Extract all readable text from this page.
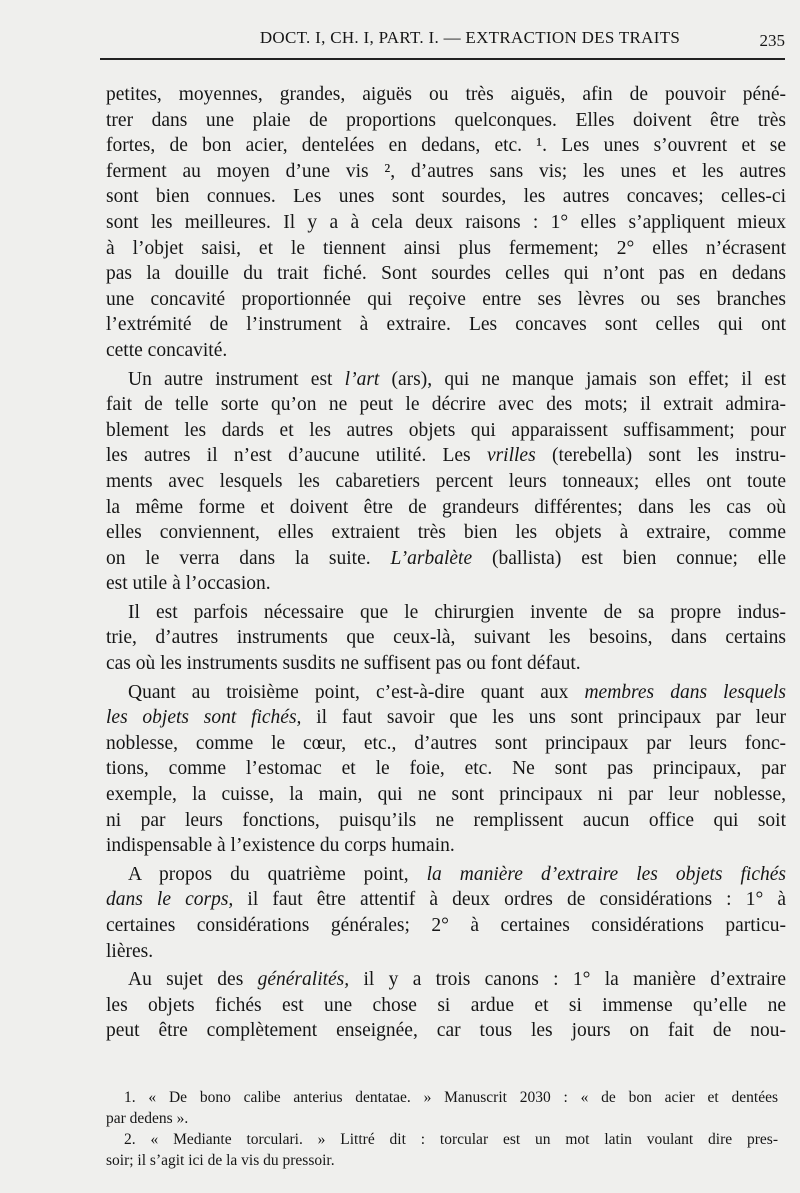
DOCT. I, CH. I, PART. I. — EXTRACTION DES TRAITS	235
petites, moyennes, grandes, aiguës ou très aiguës, afin de pouvoir péné-
trer dans une plaie de proportions quelconques. Elles doivent être très
fortes, de bon acier, dentelées en dedans, etc. ¹. Les unes s’ouvrent et se
ferment au moyen d’une vis ², d’autres sans vis; les unes et les autres
sont bien connues. Les unes sont sourdes, les autres concaves; celles-ci
sont les meilleures. Il y a à cela deux raisons : 1° elles s’appliquent mieux
à l’objet saisi, et le tiennent ainsi plus fermement; 2° elles n’écrasent
pas la douille du trait fiché. Sont sourdes celles qui n’ont pas en dedans
une concavité proportionnée qui reçoive entre ses lèvres ou ses branches
l’extrémité de l’instrument à extraire. Les concaves sont celles qui ont
cette concavité.
Un autre instrument est l’art (ars), qui ne manque jamais son effet; il est
fait de telle sorte qu’on ne peut le décrire avec des mots; il extrait admira-
blement les dards et les autres objets qui apparaissent suffisamment; pour
les autres il n’est d’aucune utilité. Les vrilles (terebella) sont les instru-
ments avec lesquels les cabaretiers percent leurs tonneaux; elles ont toute
la même forme et doivent être de grandeurs différentes; dans les cas où
elles conviennent, elles extraient très bien les objets à extraire, comme
on le verra dans la suite. L’arbalète (ballista) est bien connue; elle
est utile à l’occasion.
Il est parfois nécessaire que le chirurgien invente de sa propre indus-
trie, d’autres instruments que ceux-là, suivant les besoins, dans certains
cas où les instruments susdits ne suffisent pas ou font défaut.
Quant au troisième point, c’est-à-dire quant aux membres dans lesquels
les objets sont fichés, il faut savoir que les uns sont principaux par leur
noblesse, comme le cœur, etc., d’autres sont principaux par leurs fonc-
tions, comme l’estomac et le foie, etc. Ne sont pas principaux, par
exemple, la cuisse, la main, qui ne sont principaux ni par leur noblesse,
ni par leurs fonctions, puisqu’ils ne remplissent aucun office qui soit
indispensable à l’existence du corps humain.
A propos du quatrième point, la manière d’extraire les objets fichés
dans le corps, il faut être attentif à deux ordres de considérations : 1° à
certaines considérations générales; 2° à certaines considérations particu-
lières.
Au sujet des généralités, il y a trois canons : 1° la manière d’extraire
les objets fichés est une chose si ardue et si immense qu’elle ne
peut être complètement enseignée, car tous les jours on fait de nou-
1. « De bono calibe anterius dentatae. » Manuscrit 2030 : « de bon acier et dentées
par dedens ».
2. « Mediante torculari. » Littré dit : torcular est un mot latin voulant dire pres-
soir; il s’agit ici de la vis du pressoir.
